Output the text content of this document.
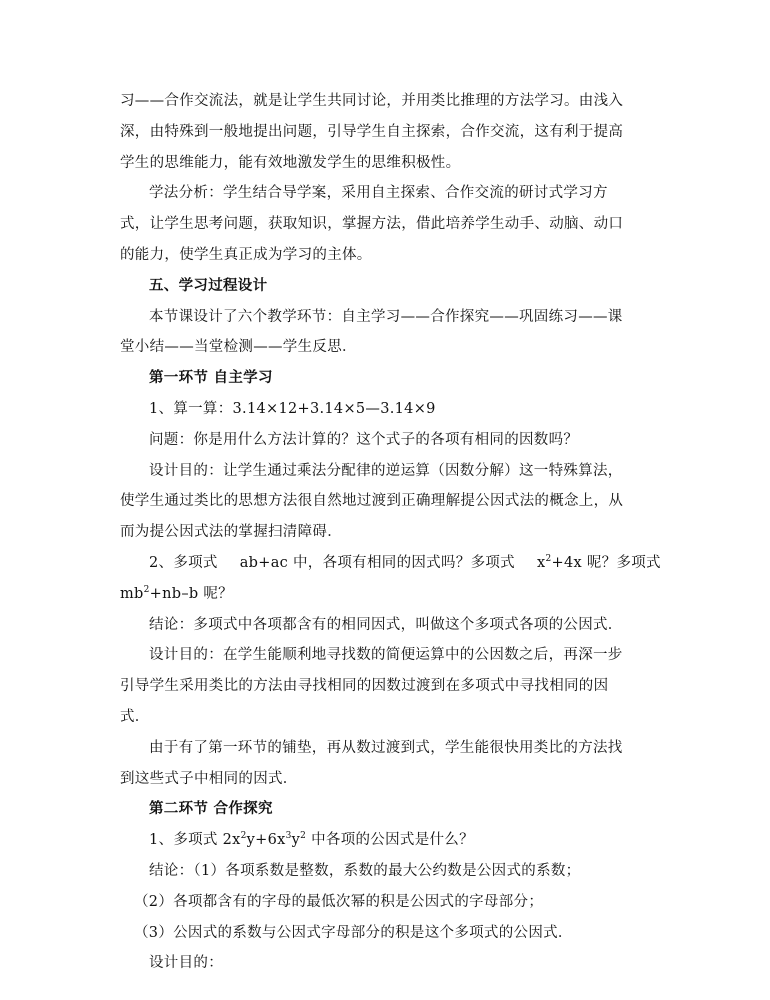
习——合作交流法，就是让学生共同讨论，并用类比推理的方法学习。由浅入

深，由特殊到一般地提出问题，引导学生自主探索，合作交流，这有利于提高

学生的思维能力，能有效地激发学生的思维积极性。

学法分析：学生结合导学案，采用自主探索、合作交流的研讨式学习方

式，让学生思考问题，获取知识，掌握方法，借此培养学生动手、动脑、动口

的能力，使学生真正成为学习的主体。

五、学习过程设计

本节课设计了六个教学环节：自主学习——合作探究——巩固练习——课

堂小结——当堂检测——学生反思．

第一环节 自主学习

1、算一算：3.14×12+3.14×5—3.14×9

问题：你是用什么方法计算的？这个式子的各项有相同的因数吗？

设计目的：让学生通过乘法分配律的逆运算（因数分解）这一特殊算法，

使学生通过类比的思想方法很自然地过渡到正确理解提公因式法的概念上，从

而为提公因式法的掌握扫清障碍．

2、多项式 ab+ac 中，各项有相同的因式吗？多项式 $x^2+4x$ 呢？多项式

$mb^2+nb-b$ 呢？

结论：多项式中各项都含有的相同因式，叫做这个多项式各项的公因式．

设计目的：在学生能顺利地寻找数的简便运算中的公因数之后，再深一步

引导学生采用类比的方法由寻找相同的因数过渡到在多项式中寻找相同的因

式．

由于有了第一环节的铺垫，再从数过渡到式，学生能很快用类比的方法找

到这些式子中相同的因式．

第二环节 合作探究

1、多项式 $2x^2y+6x^3y^2$ 中各项的公因式是什么？

结论：（1）各项系数是整数，系数的最大公约数是公因式的系数；

（2）各项都含有的字母的最低次幂的积是公因式的字母部分；

（3）公因式的系数与公因式字母部分的积是这个多项式的公因式．

设计目的：
